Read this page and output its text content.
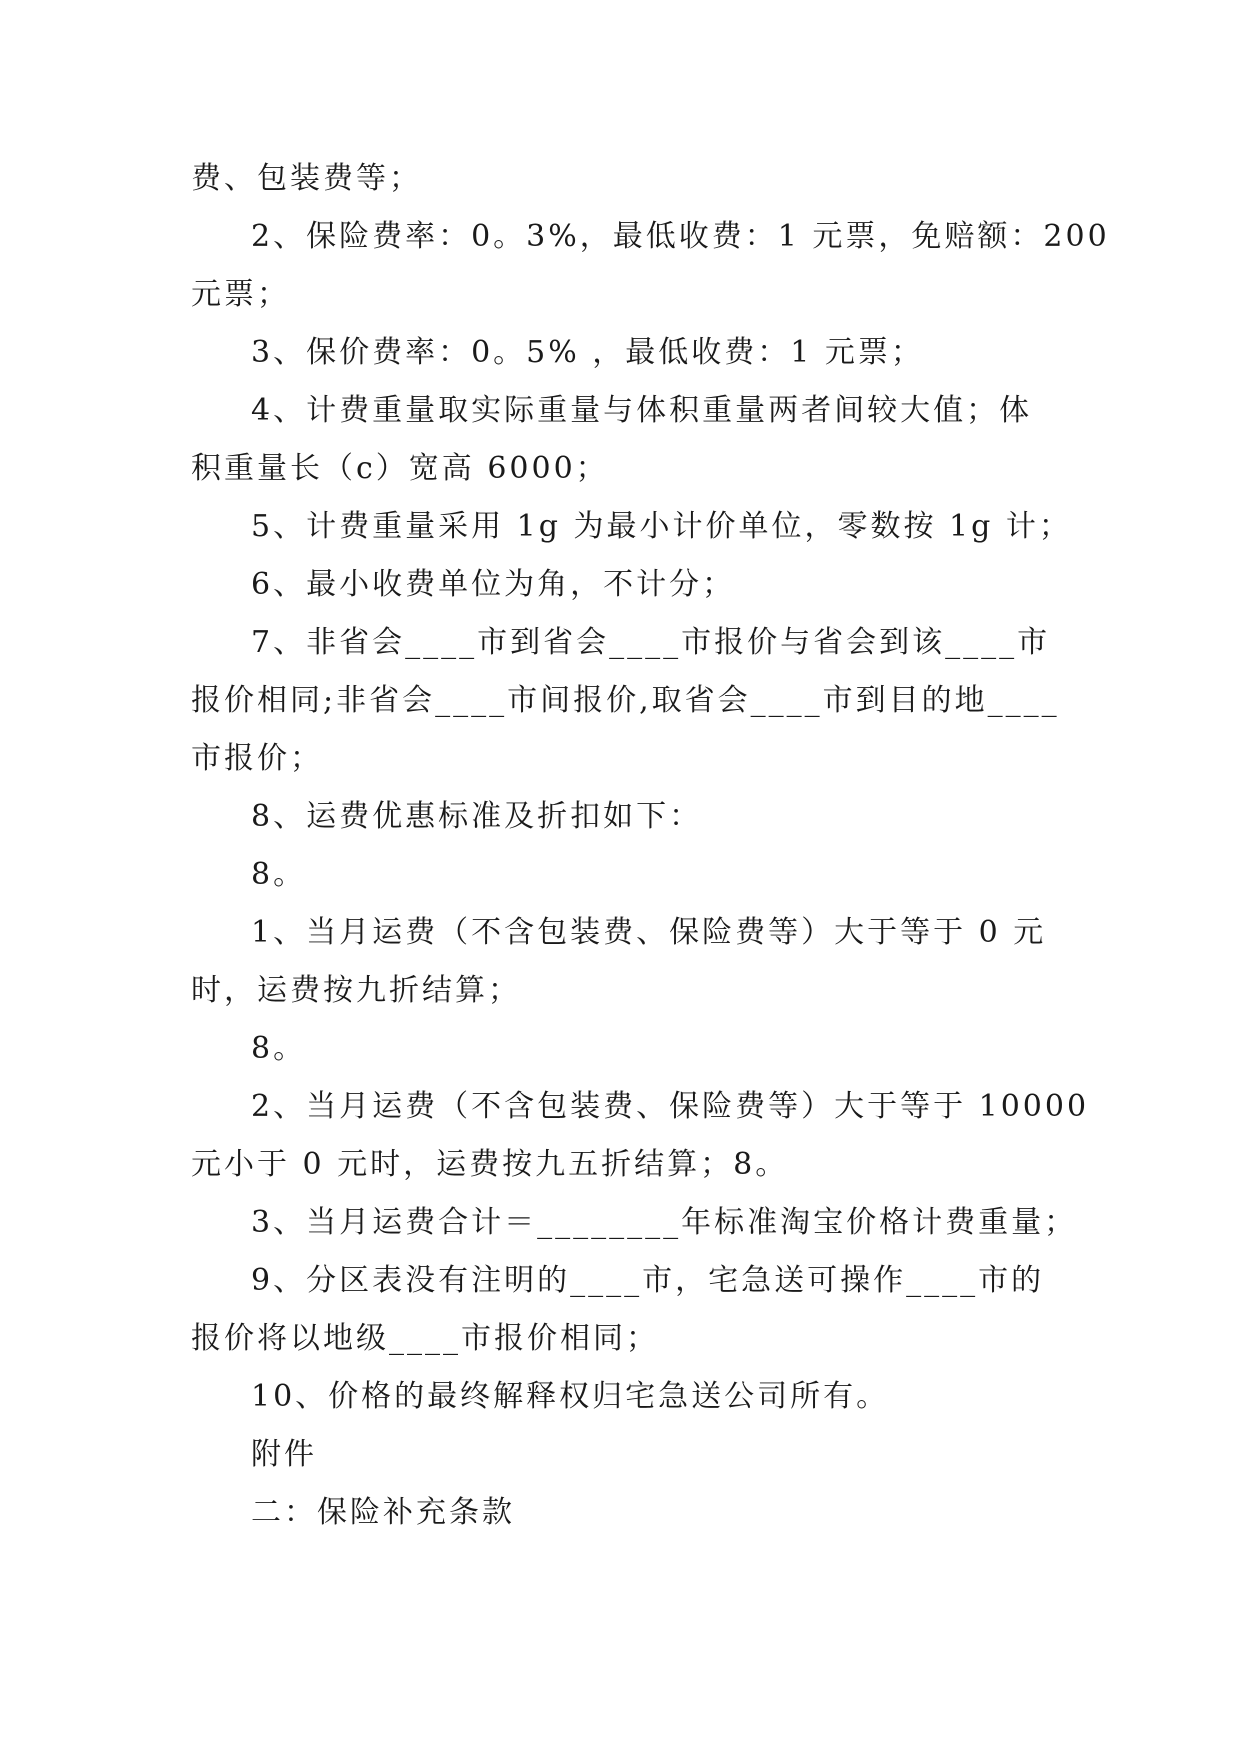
费、包装费等；
2、保险费率：0。3%，最低收费：1 元票，免赔额：200
元票；
3、保价费率：0。5% ，最低收费：1 元票；
4、计费重量取实际重量与体积重量两者间较大值；体
积重量长（c）宽高 6000；
5、计费重量采用 1g 为最小计价单位，零数按 1g 计；
6、最小收费单位为角，不计分；
7、非省会____市到省会____市报价与省会到该____市
报价相同;非省会____市间报价,取省会____市到目的地____
市报价；
8、运费优惠标准及折扣如下：
8。
1、当月运费（不含包装费、保险费等）大于等于 0 元
时，运费按九折结算；
8。
2、当月运费（不含包装费、保险费等）大于等于 10000
元小于 0 元时，运费按九五折结算；8。
3、当月运费合计＝________年标准淘宝价格计费重量；
9、分区表没有注明的____市，宅急送可操作____市的
报价将以地级____市报价相同；
10、价格的最终解释权归宅急送公司所有。
附件
二：保险补充条款
